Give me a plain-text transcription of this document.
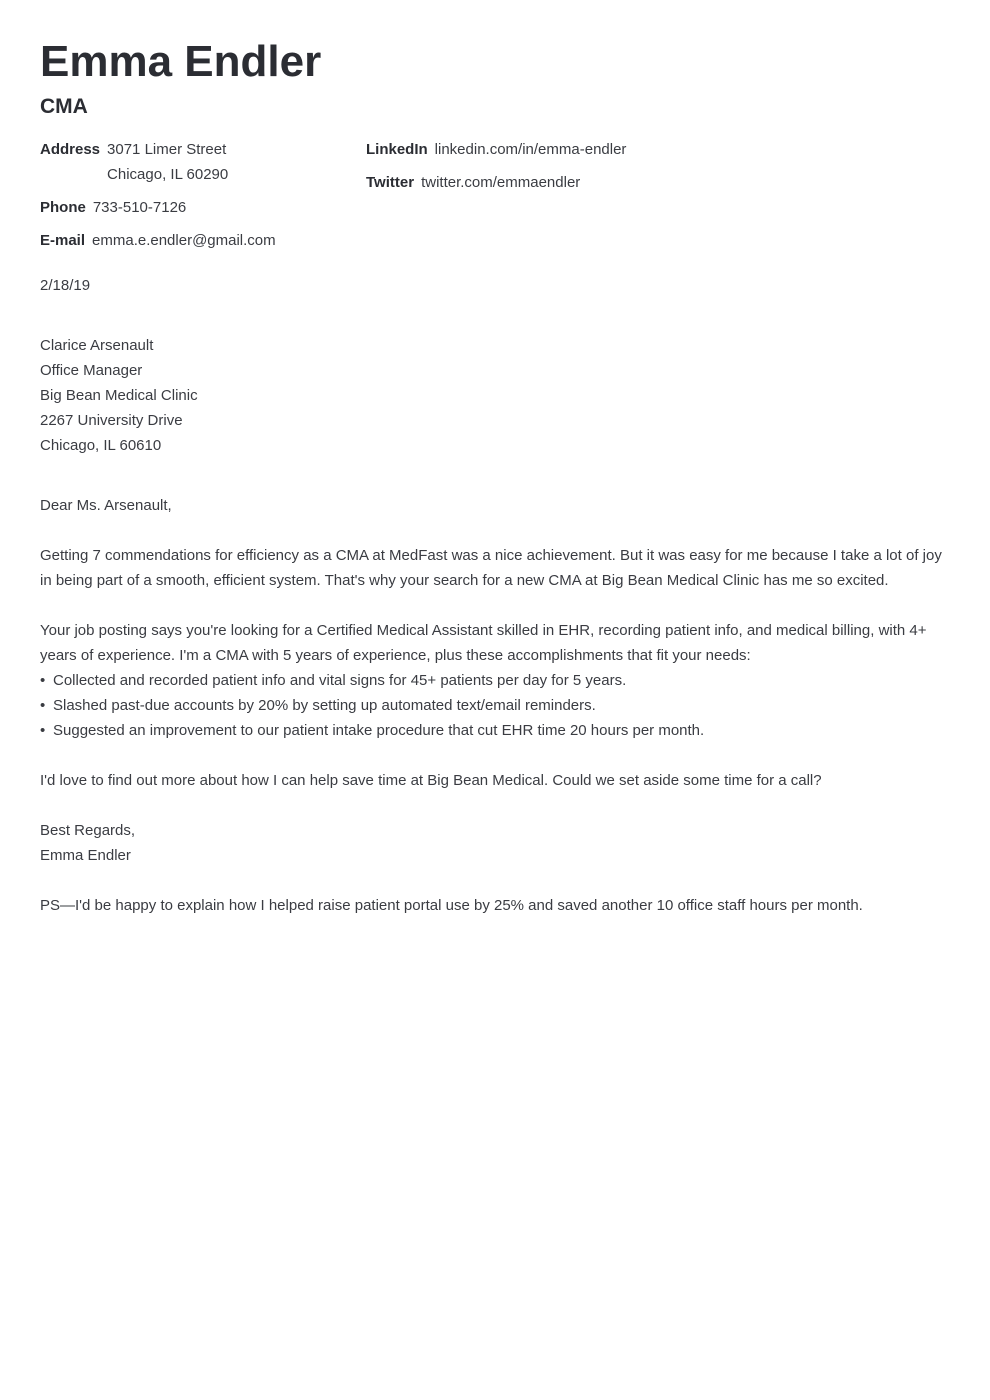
Emma Endler
CMA
Address 3071 Limer Street
Chicago, IL 60290
Phone 733-510-7126
E-mail emma.e.endler@gmail.com
LinkedIn linkedin.com/in/emma-endler
Twitter twitter.com/emmaendler
2/18/19
Clarice Arsenault
Office Manager
Big Bean Medical Clinic
2267 University Drive
Chicago, IL 60610

Dear Ms. Arsenault,

Getting 7 commendations for efficiency as a CMA at MedFast was a nice achievement. But it was easy for me because I take a lot of joy in being part of a smooth, efficient system. That's why your search for a new CMA at Big Bean Medical Clinic has me so excited.

Your job posting says you're looking for a Certified Medical Assistant skilled in EHR, recording patient info, and medical billing, with 4+ years of experience. I'm a CMA with 5 years of experience, plus these accomplishments that fit your needs:

• Collected and recorded patient info and vital signs for 45+ patients per day for 5 years.
• Slashed past-due accounts by 20% by setting up automated text/email reminders.
• Suggested an improvement to our patient intake procedure that cut EHR time 20 hours per month.

I'd love to find out more about how I can help save time at Big Bean Medical. Could we set aside some time for a call?

Best Regards,
Emma Endler

PS—I'd be happy to explain how I helped raise patient portal use by 25% and saved another 10 office staff hours per month.
